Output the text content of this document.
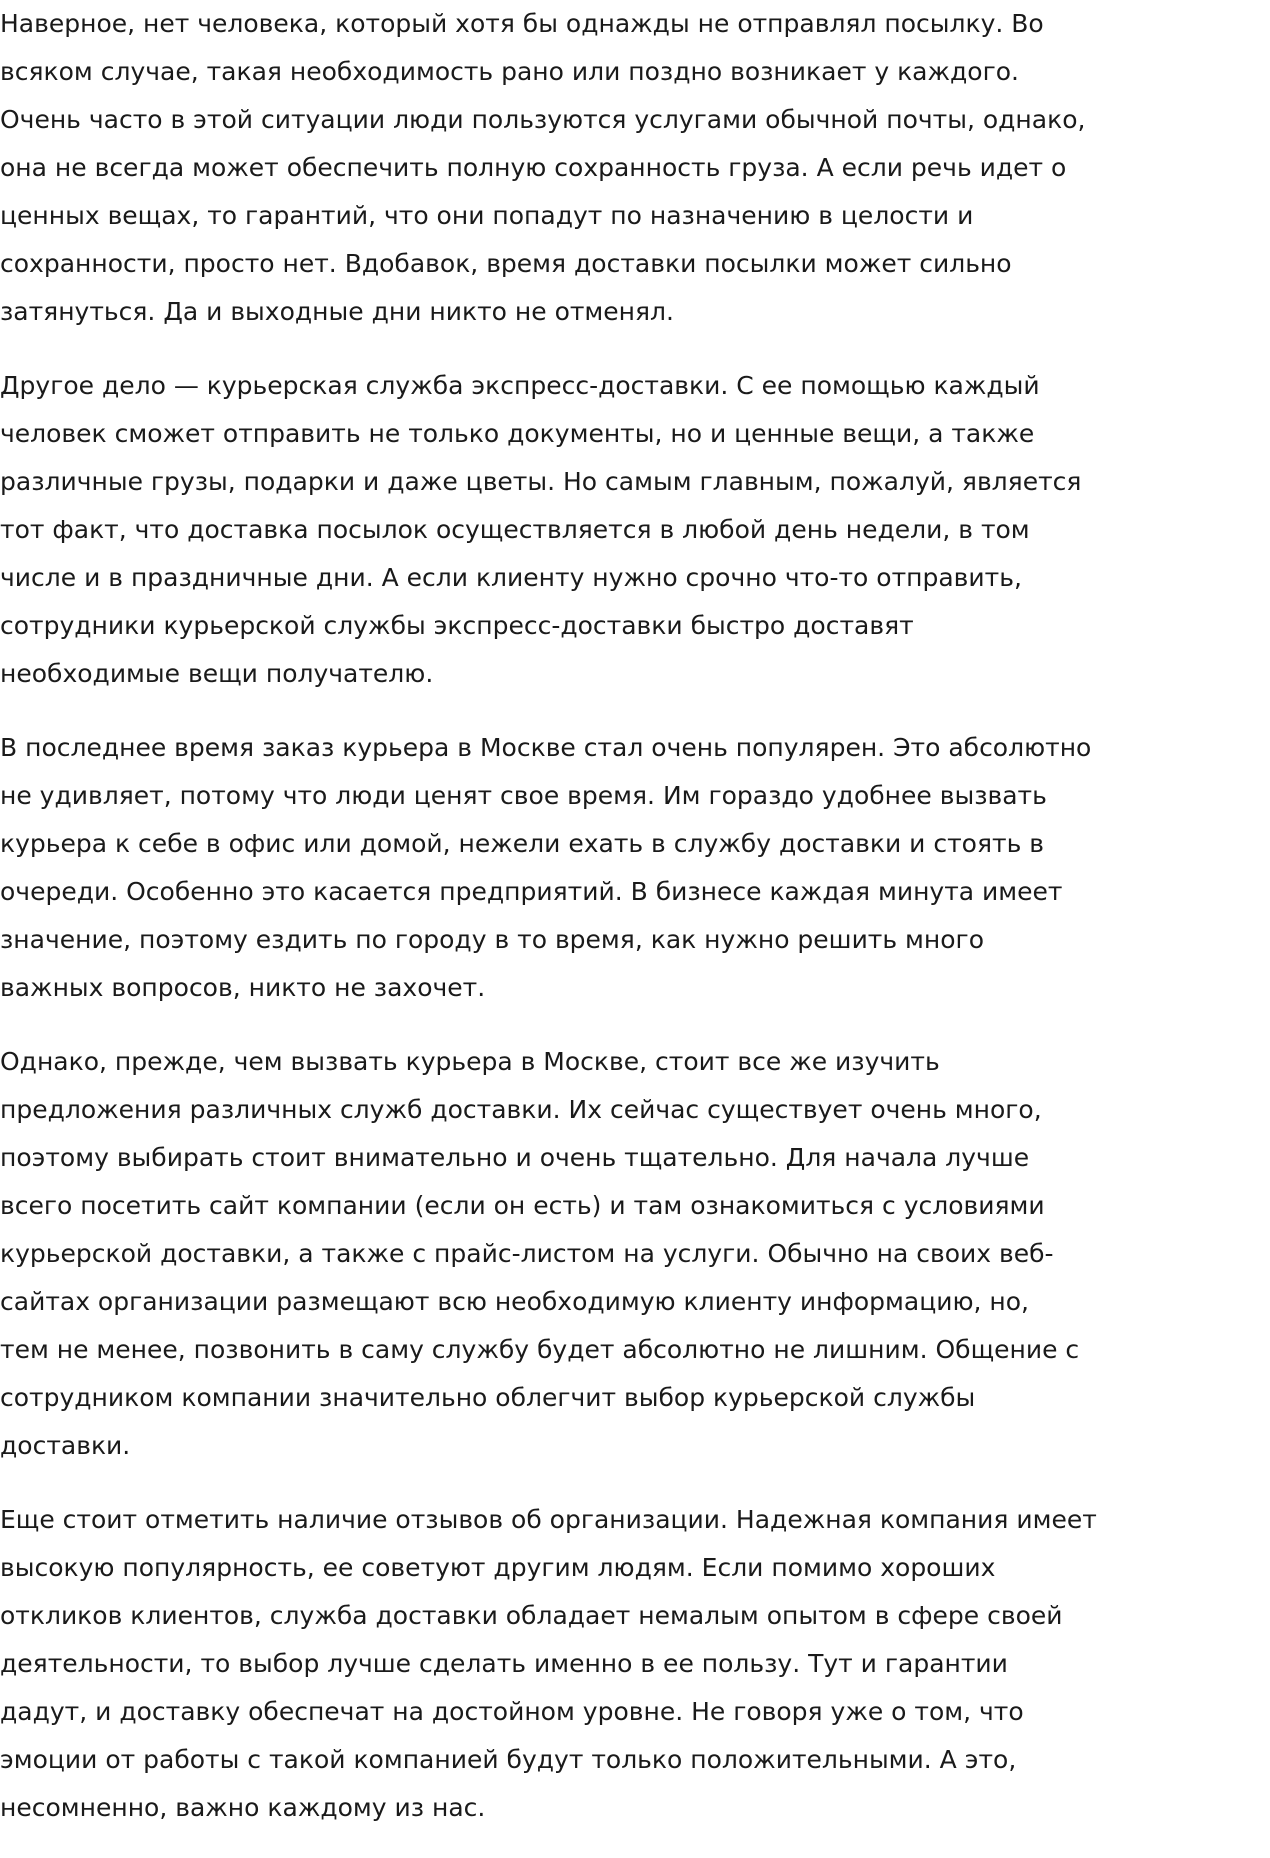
Наверное, нет человека, который хотя бы однажды не отправлял посылку. Во
всяком случае, такая необходимость рано или поздно возникает у каждого.
Очень часто в этой ситуации люди пользуются услугами обычной почты, однако,
она не всегда может обеспечить полную сохранность груза. А если речь идет о
ценных вещах, то гарантий, что они попадут по назначению в целости и
сохранности, просто нет. Вдобавок, время доставки посылки может сильно
затянуться. Да и выходные дни никто не отменял.

Другое дело — курьерская служба экспресс-доставки. С ее помощью каждый
человек сможет отправить не только документы, но и ценные вещи, а также
различные грузы, подарки и даже цветы. Но самым главным, пожалуй, является
тот факт, что доставка посылок осуществляется в любой день недели, в том
числе и в праздничные дни. А если клиенту нужно срочно что-то отправить,
сотрудники курьерской службы экспресс-доставки быстро доставят
необходимые вещи получателю.

В последнее время заказ курьера в Москве стал очень популярен. Это абсолютно
не удивляет, потому что люди ценят свое время. Им гораздо удобнее вызвать
курьера к себе в офис или домой, нежели ехать в службу доставки и стоять в
очереди. Особенно это касается предприятий. В бизнесе каждая минута имеет
значение, поэтому ездить по городу в то время, как нужно решить много
важных вопросов, никто не захочет.

Однако, прежде, чем вызвать курьера в Москве, стоит все же изучить
предложения различных служб доставки. Их сейчас существует очень много,
поэтому выбирать стоит внимательно и очень тщательно. Для начала лучше
всего посетить сайт компании (если он есть) и там ознакомиться с условиями
курьерской доставки, а также с прайс-листом на услуги. Обычно на своих веб-
сайтах организации размещают всю необходимую клиенту информацию, но,
тем не менее, позвонить в саму службу будет абсолютно не лишним. Общение с
сотрудником компании значительно облегчит выбор курьерской службы
доставки.

Еще стоит отметить наличие отзывов об организации. Надежная компания имеет
высокую популярность, ее советуют другим людям. Если помимо хороших
откликов клиентов, служба доставки обладает немалым опытом в сфере своей
деятельности, то выбор лучше сделать именно в ее пользу. Тут и гарантии
дадут, и доставку обеспечат на достойном уровне. Не говоря уже о том, что
эмоции от работы с такой компанией будут только положительными. А это,
несомненно, важно каждому из нас.
